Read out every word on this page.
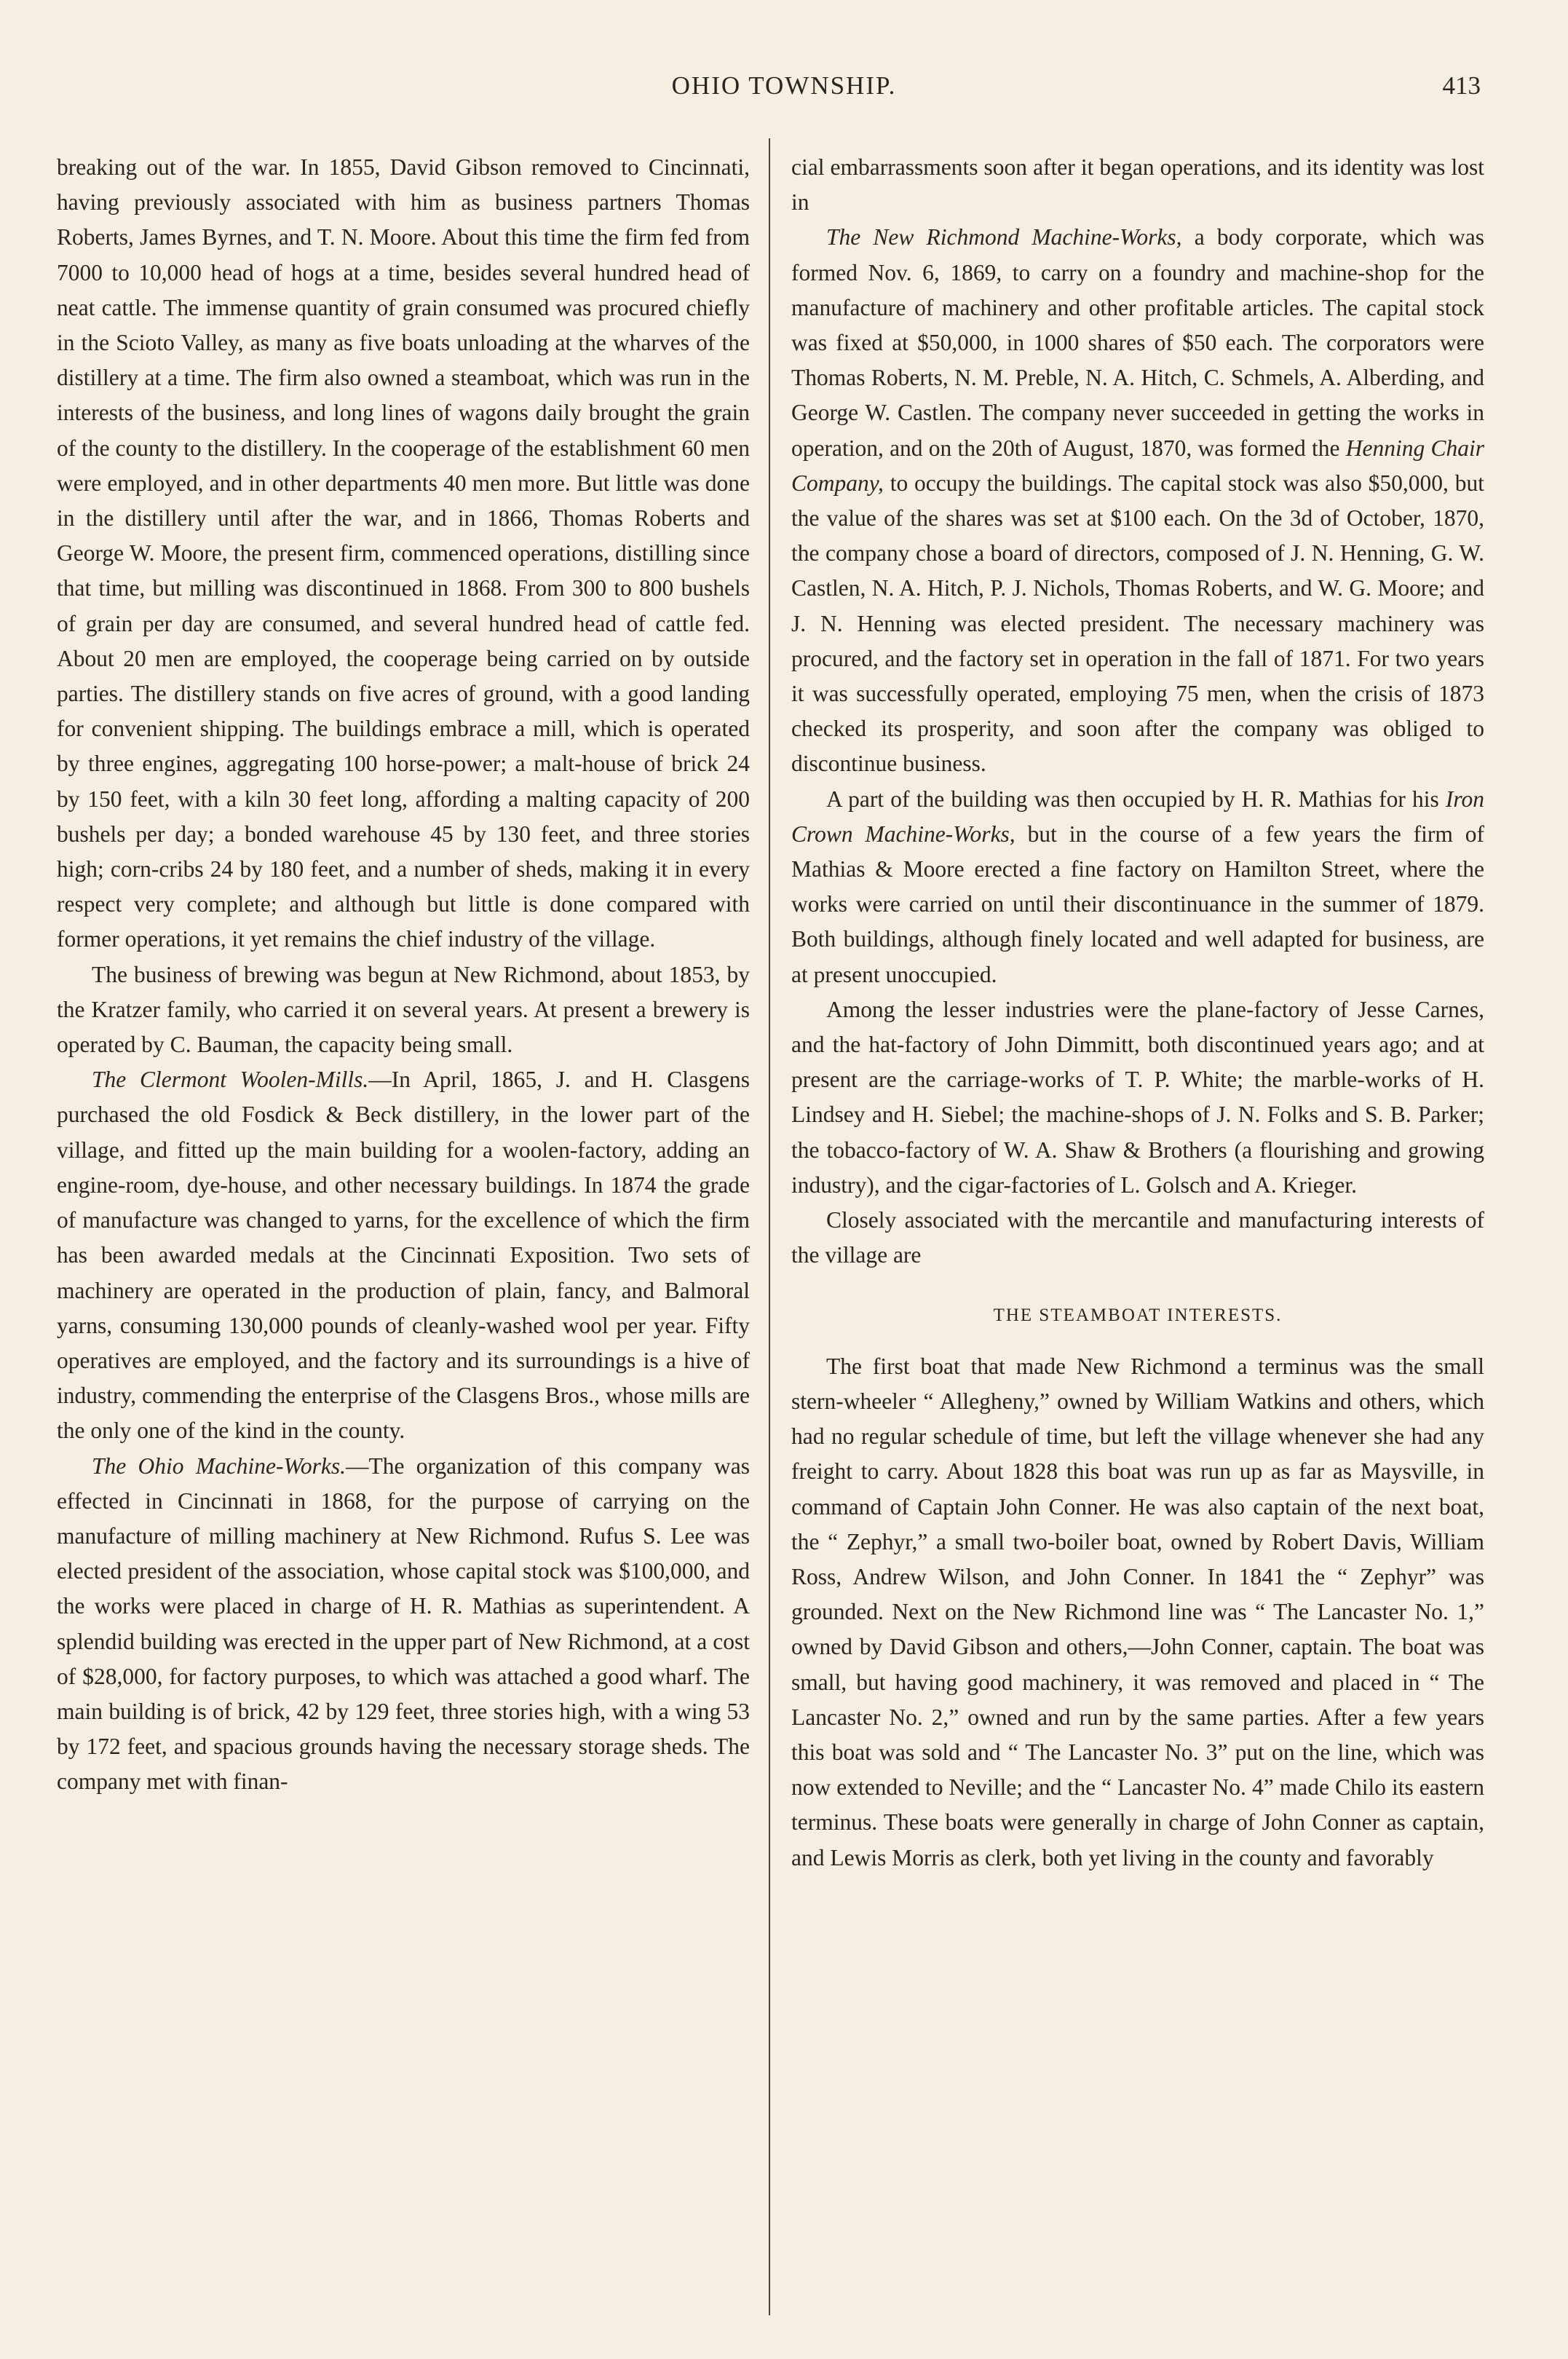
OHIO TOWNSHIP.	413

breaking out of the war. In 1855, David Gibson removed to Cincinnati, having previously associated with him as business partners Thomas Roberts, James Byrnes, and T. N. Moore. About this time the firm fed from 7000 to 10,000 head of hogs at a time, besides several hundred head of neat cattle. The immense quantity of grain consumed was procured chiefly in the Scioto Valley, as many as five boats unloading at the wharves of the distillery at a time. The firm also owned a steamboat, which was run in the interests of the business, and long lines of wagons daily brought the grain of the county to the distillery. In the cooperage of the establishment 60 men were employed, and in other departments 40 men more. But little was done in the distillery until after the war, and in 1866, Thomas Roberts and George W. Moore, the present firm, commenced operations, distilling since that time, but milling was discontinued in 1868. From 300 to 800 bushels of grain per day are consumed, and several hundred head of cattle fed. About 20 men are employed, the cooperage being carried on by outside parties. The distillery stands on five acres of ground, with a good landing for convenient shipping. The buildings embrace a mill, which is operated by three engines, aggregating 100 horse-power; a malt-house of brick 24 by 150 feet, with a kiln 30 feet long, affording a malting capacity of 200 bushels per day; a bonded warehouse 45 by 130 feet, and three stories high; corn-cribs 24 by 180 feet, and a number of sheds, making it in every respect very complete; and although but little is done compared with former operations, it yet remains the chief industry of the village.

The business of brewing was begun at New Richmond, about 1853, by the Kratzer family, who carried it on several years. At present a brewery is operated by C. Bauman, the capacity being small.

The Clermont Woolen-Mills.—In April, 1865, J. and H. Clasgens purchased the old Fosdick & Beck distillery, in the lower part of the village, and fitted up the main building for a woolen-factory, adding an engine-room, dye-house, and other necessary buildings. In 1874 the grade of manufacture was changed to yarns, for the excellence of which the firm has been awarded medals at the Cincinnati Exposition. Two sets of machinery are operated in the production of plain, fancy, and Balmoral yarns, consuming 130,000 pounds of cleanly-washed wool per year. Fifty operatives are employed, and the factory and its surroundings is a hive of industry, commending the enterprise of the Clasgens Bros., whose mills are the only one of the kind in the county.

The Ohio Machine-Works.—The organization of this company was effected in Cincinnati in 1868, for the purpose of carrying on the manufacture of milling machinery at New Richmond. Rufus S. Lee was elected president of the association, whose capital stock was $100,000, and the works were placed in charge of H. R. Mathias as superintendent. A splendid building was erected in the upper part of New Richmond, at a cost of $28,000, for factory purposes, to which was attached a good wharf. The main building is of brick, 42 by 129 feet, three stories high, with a wing 53 by 172 feet, and spacious grounds having the necessary storage sheds. The company met with finan-

cial embarrassments soon after it began operations, and its identity was lost in

The New Richmond Machine-Works, a body corporate, which was formed Nov. 6, 1869, to carry on a foundry and machine-shop for the manufacture of machinery and other profitable articles. The capital stock was fixed at $50,000, in 1000 shares of $50 each. The corporators were Thomas Roberts, N. M. Preble, N. A. Hitch, C. Schmels, A. Alberding, and George W. Castlen. The company never succeeded in getting the works in operation, and on the 20th of August, 1870, was formed the Henning Chair Company, to occupy the buildings. The capital stock was also $50,000, but the value of the shares was set at $100 each. On the 3d of October, 1870, the company chose a board of directors, composed of J. N. Henning, G. W. Castlen, N. A. Hitch, P. J. Nichols, Thomas Roberts, and W. G. Moore; and J. N. Henning was elected president. The necessary machinery was procured, and the factory set in operation in the fall of 1871. For two years it was successfully operated, employing 75 men, when the crisis of 1873 checked its prosperity, and soon after the company was obliged to discontinue business.

A part of the building was then occupied by H. R. Mathias for his Iron Crown Machine-Works, but in the course of a few years the firm of Mathias & Moore erected a fine factory on Hamilton Street, where the works were carried on until their discontinuance in the summer of 1879. Both buildings, although finely located and well adapted for business, are at present unoccupied.

Among the lesser industries were the plane-factory of Jesse Carnes, and the hat-factory of John Dimmitt, both discontinued years ago; and at present are the carriage-works of T. P. White; the marble-works of H. Lindsey and H. Siebel; the machine-shops of J. N. Folks and S. B. Parker; the tobacco-factory of W. A. Shaw & Brothers (a flourishing and growing industry), and the cigar-factories of L. Golsch and A. Krieger.

Closely associated with the mercantile and manufacturing interests of the village are

THE STEAMBOAT INTERESTS.

The first boat that made New Richmond a terminus was the small stern-wheeler “ Allegheny,” owned by William Watkins and others, which had no regular schedule of time, but left the village whenever she had any freight to carry. About 1828 this boat was run up as far as Maysville, in command of Captain John Conner. He was also captain of the next boat, the “ Zephyr,” a small two-boiler boat, owned by Robert Davis, William Ross, Andrew Wilson, and John Conner. In 1841 the “ Zephyr” was grounded. Next on the New Richmond line was “ The Lancaster No. 1,” owned by David Gibson and others,—John Conner, captain. The boat was small, but having good machinery, it was removed and placed in “ The Lancaster No. 2,” owned and run by the same parties. After a few years this boat was sold and “ The Lancaster No. 3” put on the line, which was now extended to Neville; and the “ Lancaster No. 4” made Chilo its eastern terminus. These boats were generally in charge of John Conner as captain, and Lewis Morris as clerk, both yet living in the county and favorably
